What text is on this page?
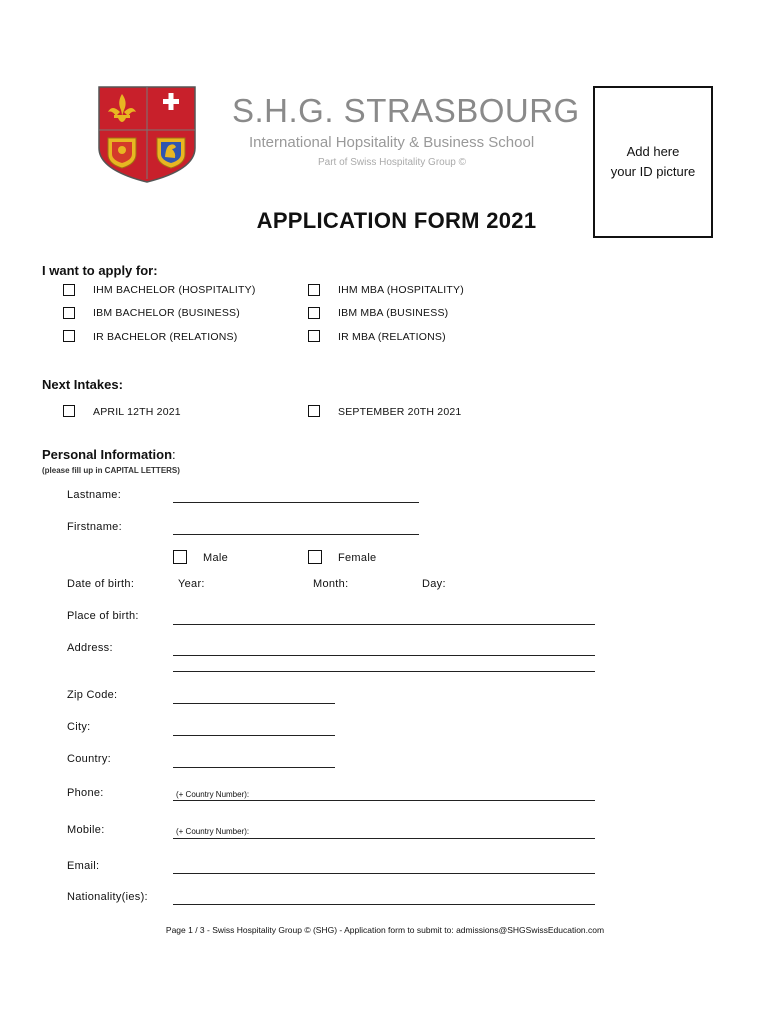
S.H.G. STRASBOURG
International Hopsitality & Business School
Part of Swiss Hospitality Group ©
Add here
your ID picture
APPLICATION FORM 2021
I want to apply for:
IHM BACHELOR (HOSPITALITY)	IHM MBA (HOSPITALITY)
IBM BACHELOR (BUSINESS)	IBM MBA (BUSINESS)
IR BACHELOR (RELATIONS)	IR MBA (RELATIONS)
Next Intakes:
APRIL 12TH 2021	SEPTEMBER 20TH 2021
Personal Information:
(please fill up in CAPITAL LETTERS)
Lastname:
Firstname:
Male	Female
Date of birth:	Year:	Month:	Day:
Place of birth:
Address:
Zip Code:
City:
Country:
Phone:	(+ Country Number):
Mobile:	(+ Country Number):
Email:
Nationality(ies):
Page 1 / 3 - Swiss Hospitality Group © (SHG) - Application form to submit to: admissions@SHGSwissEducation.com
